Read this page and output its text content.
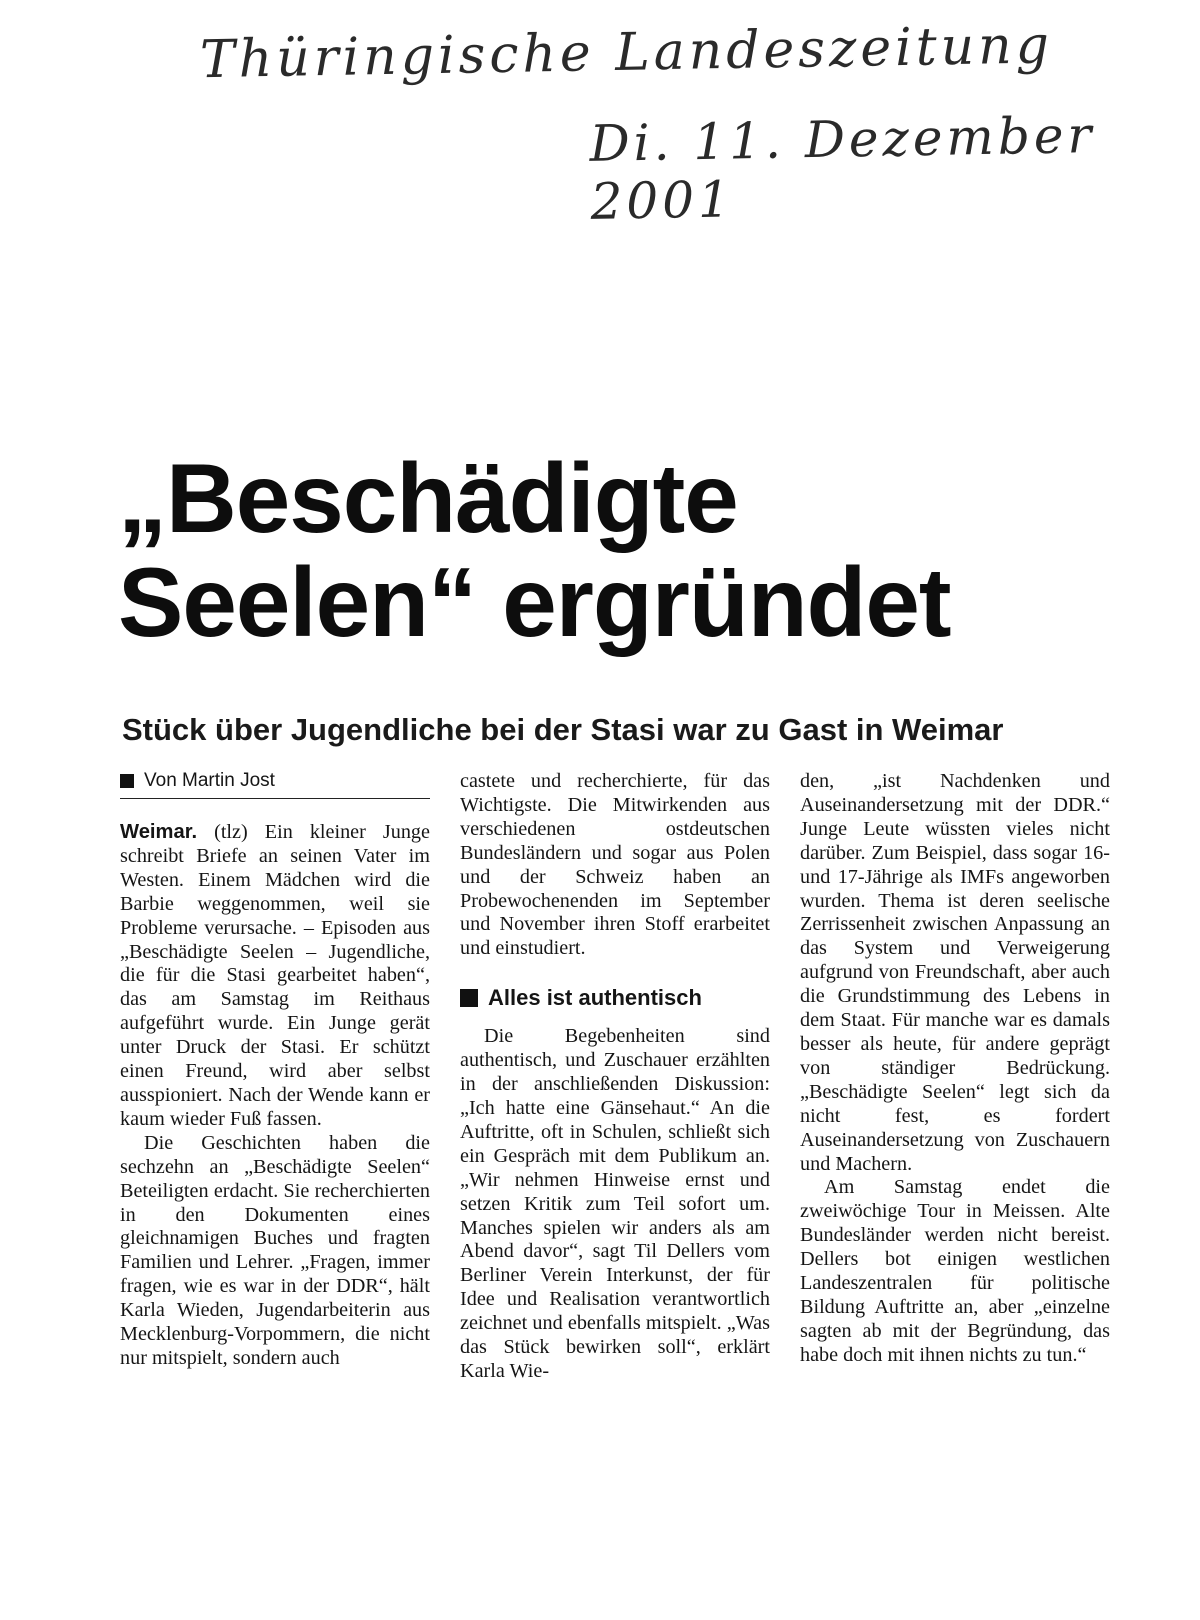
Thüringische Landeszeitung
Di. 11. Dezember 2001
„Beschädigte
Seelen“ ergründet
Stück über Jugendliche bei der Stasi war zu Gast in Weimar
Von Martin Jost

Weimar. (tlz) Ein kleiner Junge schreibt Briefe an seinen Vater im Westen. Einem Mädchen wird die Barbie weggenommen, weil sie Probleme verursache. – Episoden aus „Beschädigte Seelen – Jugendliche, die für die Stasi gearbeitet haben“, das am Samstag im Reithaus aufgeführt wurde. Ein Junge gerät unter Druck der Stasi. Er schützt einen Freund, wird aber selbst ausspioniert. Nach der Wende kann er kaum wieder Fuß fassen.

Die Geschichten haben die sechzehn an „Beschädigte Seelen“ Beteiligten erdacht. Sie recherchierten in den Dokumenten eines gleichnamigen Buches und fragten Familien und Lehrer. „Fragen, immer fragen, wie es war in der DDR“, hält Karla Wieden, Jugendarbeiterin aus Mecklenburg-Vorpommern, die nicht nur mitspielt, sondern auch

castete und recherchierte, für das Wichtigste. Die Mitwirkenden aus verschiedenen ostdeutschen Bundesländern und sogar aus Polen und der Schweiz haben an Probewochenenden im September und November ihren Stoff erarbeitet und einstudiert.

Alles ist authentisch

Die Begebenheiten sind authentisch, und Zuschauer erzählten in der anschließenden Diskussion: „Ich hatte eine Gänsehaut.“ An die Auftritte, oft in Schulen, schließt sich ein Gespräch mit dem Publikum an. „Wir nehmen Hinweise ernst und setzen Kritik zum Teil sofort um. Manches spielen wir anders als am Abend davor“, sagt Til Dellers vom Berliner Verein Interkunst, der für Idee und Realisation verantwortlich zeichnet und ebenfalls mitspielt. „Was das Stück bewirken soll“, erklärt Karla Wie-

den, „ist Nachdenken und Auseinandersetzung mit der DDR.“ Junge Leute wüssten vieles nicht darüber. Zum Beispiel, dass sogar 16- und 17-Jährige als IMFs angeworben wurden. Thema ist deren seelische Zerrissenheit zwischen Anpassung an das System und Verweigerung aufgrund von Freundschaft, aber auch die Grundstimmung des Lebens in dem Staat. Für manche war es damals besser als heute, für andere geprägt von ständiger Bedrückung. „Beschädigte Seelen“ legt sich da nicht fest, es fordert Auseinandersetzung von Zuschauern und Machern.

Am Samstag endet die zweiwöchige Tour in Meissen. Alte Bundesländer werden nicht bereist. Dellers bot einigen westlichen Landeszentralen für politische Bildung Auftritte an, aber „einzelne sagten ab mit der Begründung, das habe doch mit ihnen nichts zu tun.“
